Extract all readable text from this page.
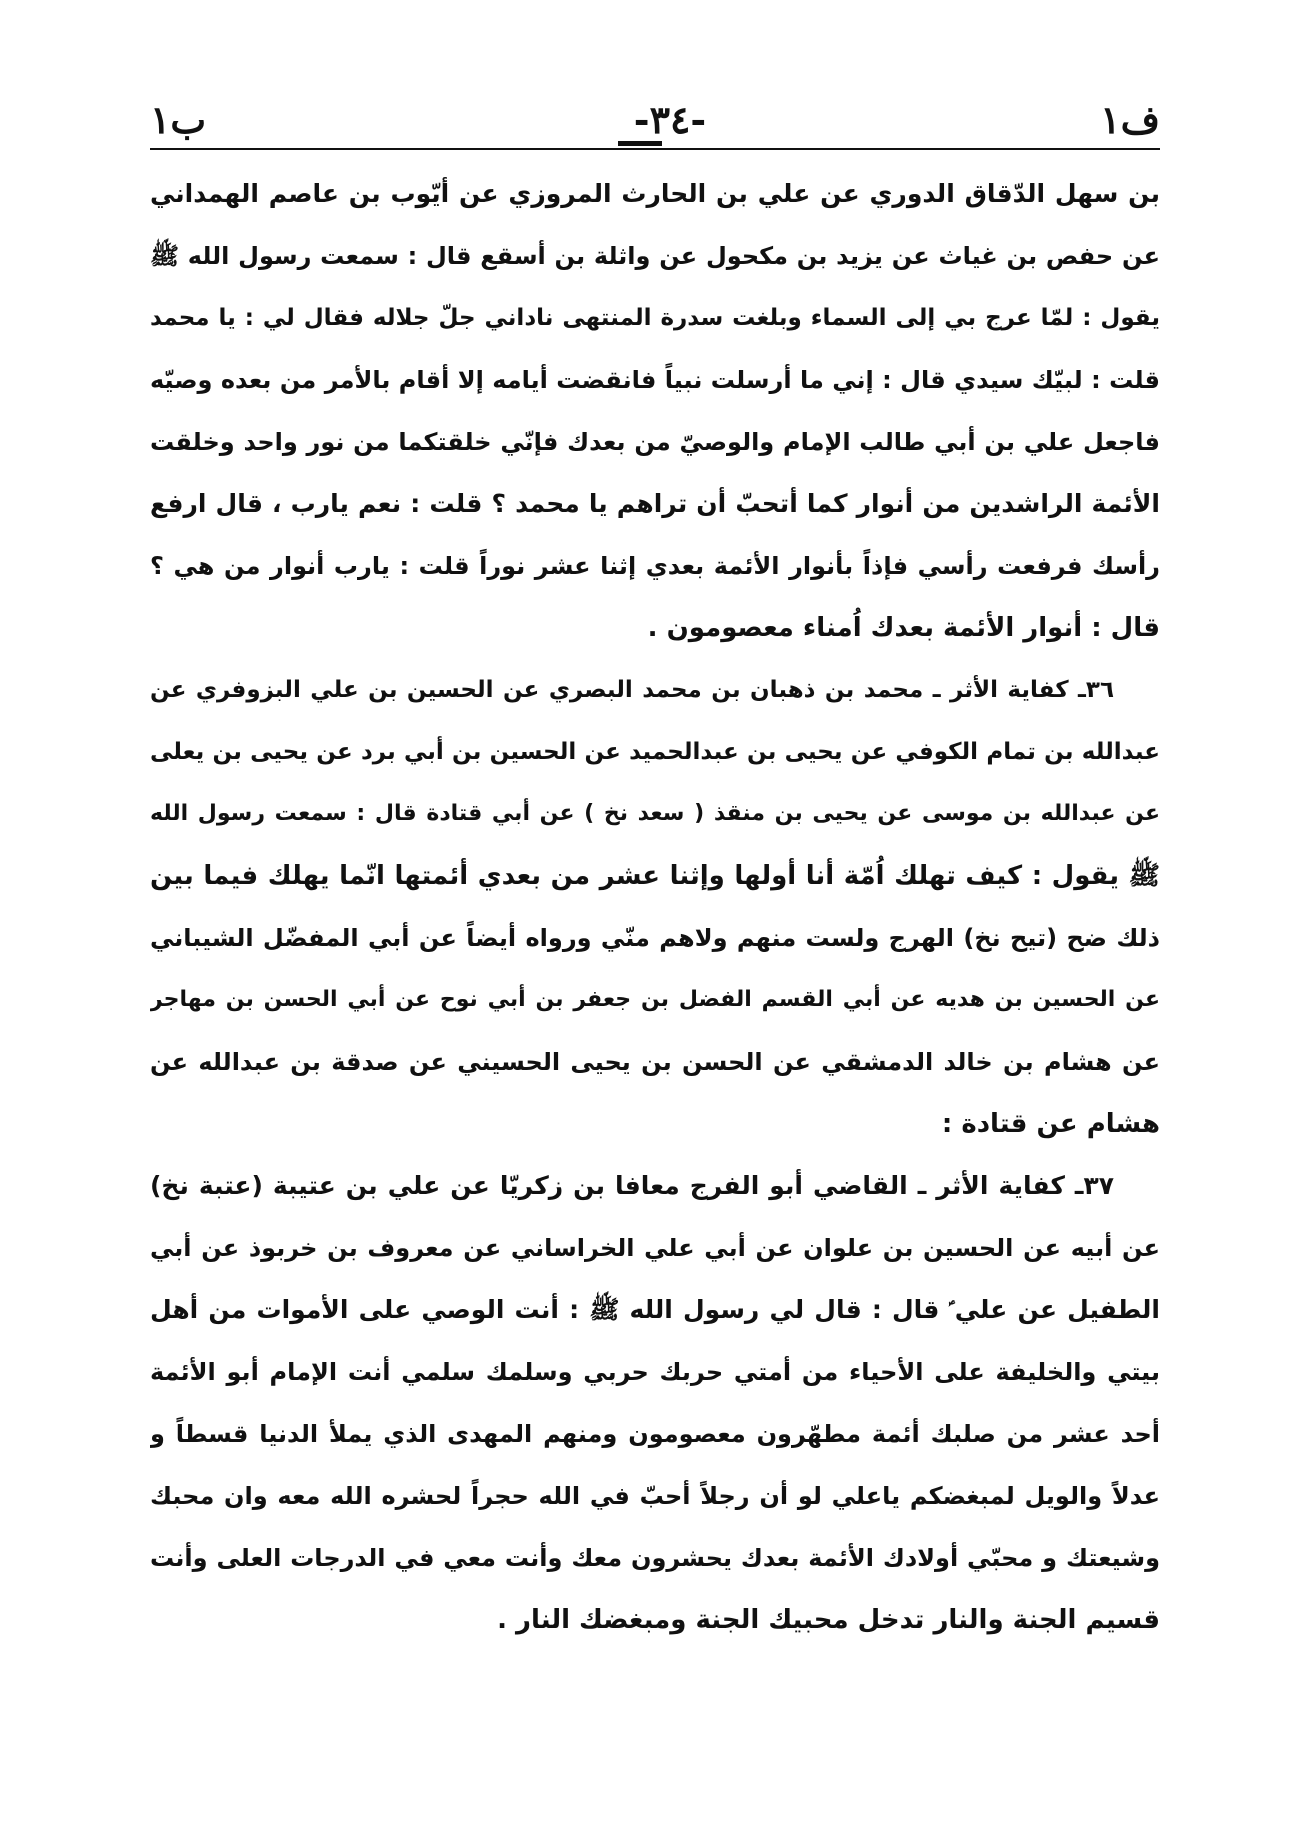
ب١	-٣٤-	ف١
بن سهل الدّقاق الدوري عن علي بن الحارث المروزي عن أيّوب بن عاصم الهمداني
عن حفص بن غياث عن يزيد بن مكحول عن واثلة بن أسقع قال : سمعت رسول الله ﷺ
يقول : لمّا عرج بي إلى السماء وبلغت سدرة المنتهى ناداني جلّ جلاله فقال لي : يا محمد
قلت : لبيّك سيدي قال : إني ما أرسلت نبياً فانقضت أيامه إلا أقام بالأمر من بعده وصيّه
فاجعل علي بن أبي طالب الإمام والوصيّ من بعدك فإنّي خلقتكما من نور واحد وخلقت
الأئمة الراشدين من أنوار كما أتحبّ أن تراهم يا محمد ؟ قلت : نعم يارب ، قال ارفع
رأسك فرفعت رأسي فإذاً بأنوار الأئمة بعدي إثنا عشر نوراً قلت : يارب أنوار من هي ؟
قال : أنوار الأئمة بعدك اُمناء معصومون .
٣٦ـ كفاية الأثر ـ محمد بن ذهبان بن محمد البصري عن الحسين بن علي البزوفري عن
عبدالله بن تمام الكوفي عن يحيى بن عبدالحميد عن الحسين بن أبي برد عن يحيى بن يعلى
عن عبدالله بن موسى عن يحيى بن منقذ ( سعد نخ ) عن أبي قتادة قال : سمعت رسول الله
ﷺ يقول : كيف تهلك اُمّة أنا أولها وإثنا عشر من بعدي أئمتها انّما يهلك فيما بين
ذلك ضح (تيح نخ) الهرج ولست منهم ولاهم منّي ورواه أيضاً عن أبي المفضّل الشيباني
عن الحسين بن هديه عن أبي القسم الفضل بن جعفر بن أبي نوح عن أبي الحسن بن مهاجر
عن هشام بن خالد الدمشقي عن الحسن بن يحيى الحسيني عن صدقة بن عبدالله عن
هشام عن قتادة :
٣٧ـ كفاية الأثر ـ القاضي أبو الفرج معافا بن زكريّا عن علي بن عتيبة (عتبة نخ)
عن أبيه عن الحسين بن علوان عن أبي علي الخراساني عن معروف بن خربوذ عن أبي
الطفيل عن علي ؑ قال : قال لي رسول الله ﷺ : أنت الوصي على الأموات من أهل
بيتي والخليفة على الأحياء من أمتي حربك حربي وسلمك سلمي أنت الإمام أبو الأئمة
أحد عشر من صلبك أئمة مطهّرون معصومون ومنهم المهدى الذي يملأ الدنيا قسطاً و
عدلاً والويل لمبغضكم ياعلي لو أن رجلاً أحبّ في الله حجراً لحشره الله معه وان محبك
وشيعتك و محبّي أولادك الأئمة بعدك يحشرون معك وأنت معي في الدرجات العلى وأنت
قسيم الجنة والنار تدخل محبيك الجنة ومبغضك النار .
